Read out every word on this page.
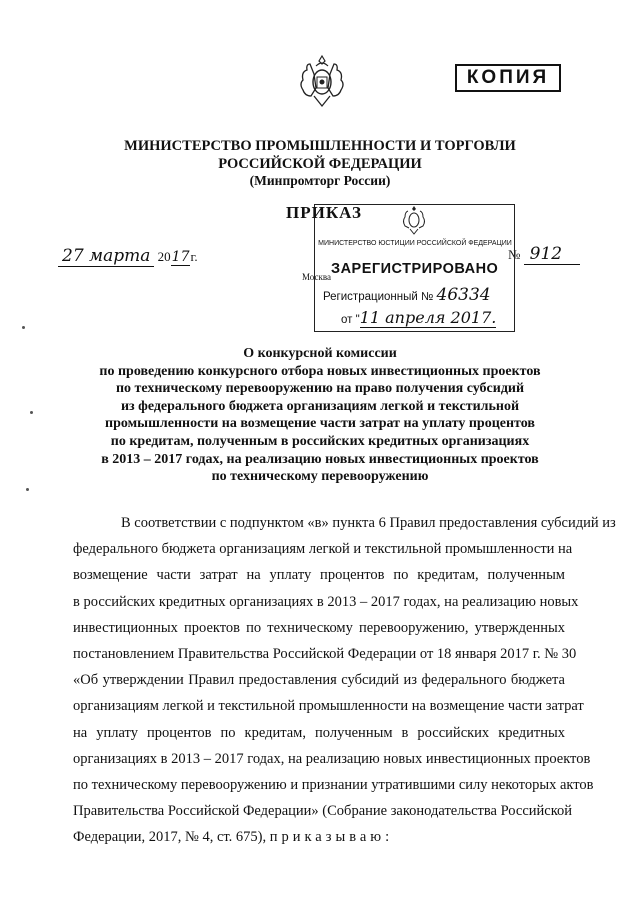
КОПИЯ
МИНИСТЕРСТВО ПРОМЫШЛЕННОСТИ И ТОРГОВЛИ
РОССИЙСКОЙ ФЕДЕРАЦИИ
(Минпромторг России)
27 марта 2017г.	№ 912
Москва
МИНИСТЕРСТВО ЮСТИЦИИ РОССИЙСКОЙ ФЕДЕРАЦИИ
ЗАРЕГИСТРИРОВАНО
Регистрационный № 46334
от "11 апреля 2017.
ПРИКАЗ
О конкурсной комиссии
по проведению конкурсного отбора новых инвестиционных проектов
по техническому перевооружению на право получения субсидий
из федерального бюджета организациям легкой и текстильной
промышленности на возмещение части затрат на уплату процентов
по кредитам, полученным в российских кредитных организациях
в 2013 – 2017 годах, на реализацию новых инвестиционных проектов
по техническому перевооружению
В соответствии с подпунктом «в» пункта 6 Правил предоставления субсидий из
федерального бюджета организациям легкой и текстильной промышленности на
возмещение части затрат на уплату процентов по кредитам, полученным
в российских кредитных организациях в 2013 – 2017 годах, на реализацию новых
инвестиционных проектов по техническому перевооружению, утвержденных
постановлением Правительства Российской Федерации от 18 января 2017 г. № 30
«Об утверждении Правил предоставления субсидий из федерального бюджета
организациям легкой и текстильной промышленности на возмещение части затрат
на уплату процентов по кредитам, полученным в российских кредитных
организациях в 2013 – 2017 годах, на реализацию новых инвестиционных проектов
по техническому перевооружению и признании утратившими силу некоторых актов
Правительства Российской Федерации» (Собрание законодательства Российской
Федерации, 2017, № 4, ст. 675), приказываю:
